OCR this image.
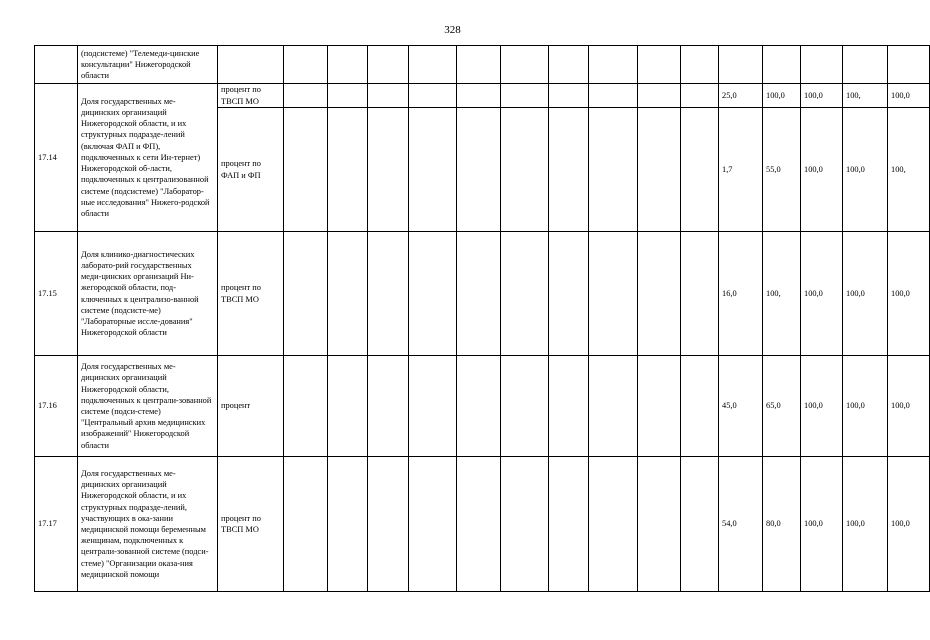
328
	(подсистеме) "Телемеди-цинские консультации" Нижегородской области																	
17.14	Доля государственных ме-дицинских организаций Нижегородской области, и их структурных подразде-лений (включая ФАП и ФП), подключенных к сети Ин-тернет) Нижегородской об-ласти, подключенных к централизованной системе (подсистеме) "Лаборатор-ные исследования" Нижего-родской области	процент по ТВСП МО											25,0	100,0	100,0	100,	100,0	
		процент по ФАП и ФП											1,7	55,0	100,0	100,0	100,	
17.15	Доля клинико-диагностических лаборато-рий государственных меди-цинских организаций Ни-жегородской области, под-ключенных к централизо-ванной системе (подсисте-ме) "Лабораторные иссле-дования" Нижегородской области	процент по ТВСП МО											16,0	100,	100,0	100,0	100,0	
17.16	Доля государственных ме-дицинских организаций Нижегородской области, подключенных к централи-зованной системе (подси-стеме) "Центральный архив медицинских изображений" Нижегородской области	процент											45,0	65,0	100,0	100,0	100,0	
17.17	Доля государственных ме-дицинских организаций Нижегородской области, и их структурных подразде-лений, участвующих в ока-зании медицинской помощи беременным женщинам, подключенных к централи-зованной системе (подси-стеме) "Организации оказа-ния медицинской помощи	процент по ТВСП МО											54,0	80,0	100,0	100,0	100,0	
